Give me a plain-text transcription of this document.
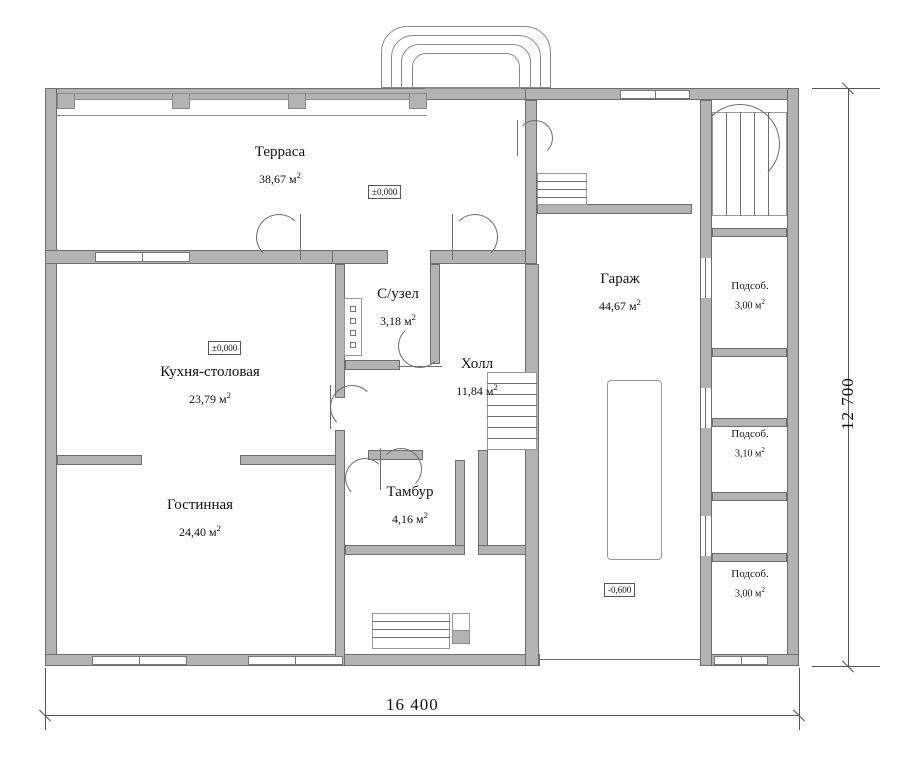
Терраса
38,67 $м^2$
Кухня-столовая
23,79 $м^2$
Гостинная
24,40 $м^2$
С/узел
3,18 $м^2$
Холл
11,84 $м^2$
Тамбур
4,16 $м^2$
Гараж
44,67 $м^2$
Подсоб.
3,00 $м^2$
Подсоб.
3,10 $м^2$
Подсоб.
3,00 $м^2$
±0,000
±0,000
-0,600
16 400
12 700
